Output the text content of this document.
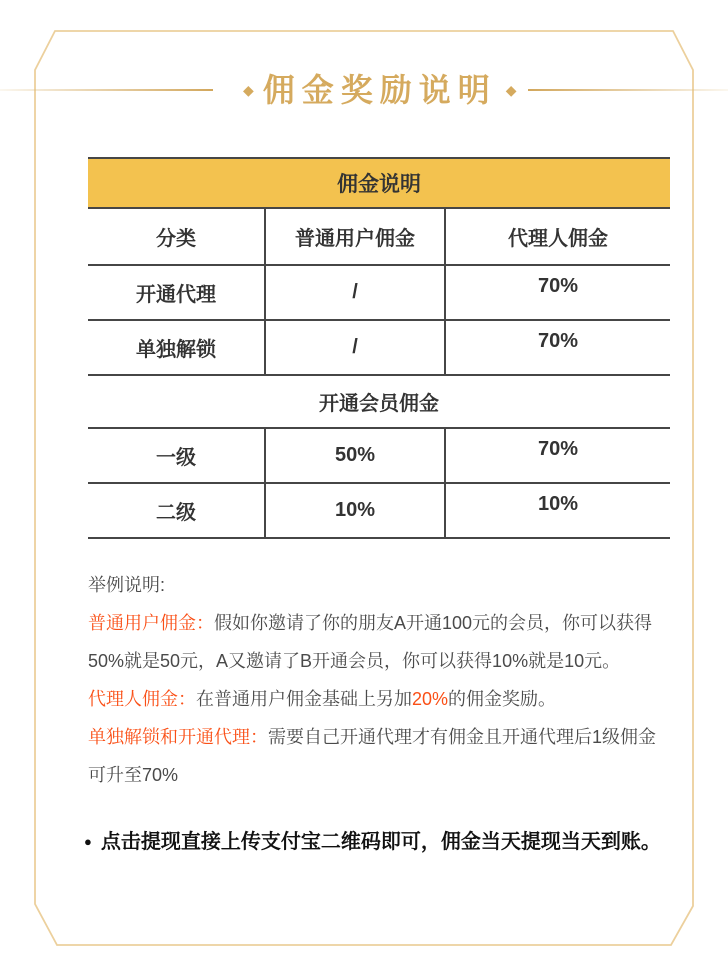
◆ 佣金奖励说明 ◆
佣金说明		
分类	普通用户佣金	代理人佣金
开通代理	/	70%
单独解锁	/	70%
开通会员佣金		
一级	50%	70%
二级	10%	10%
举例说明:
普通用户佣金：假如你邀请了你的朋友A开通100元的会员，你可以获得
50%就是50元，A又邀请了B开通会员，你可以获得10%就是10元。
代理人佣金：在普通用户佣金基础上另加20%的佣金奖励。
单独解锁和开通代理：需要自己开通代理才有佣金且开通代理后1级佣金
可升至70%
● 点击提现直接上传支付宝二维码即可，佣金当天提现当天到账。
